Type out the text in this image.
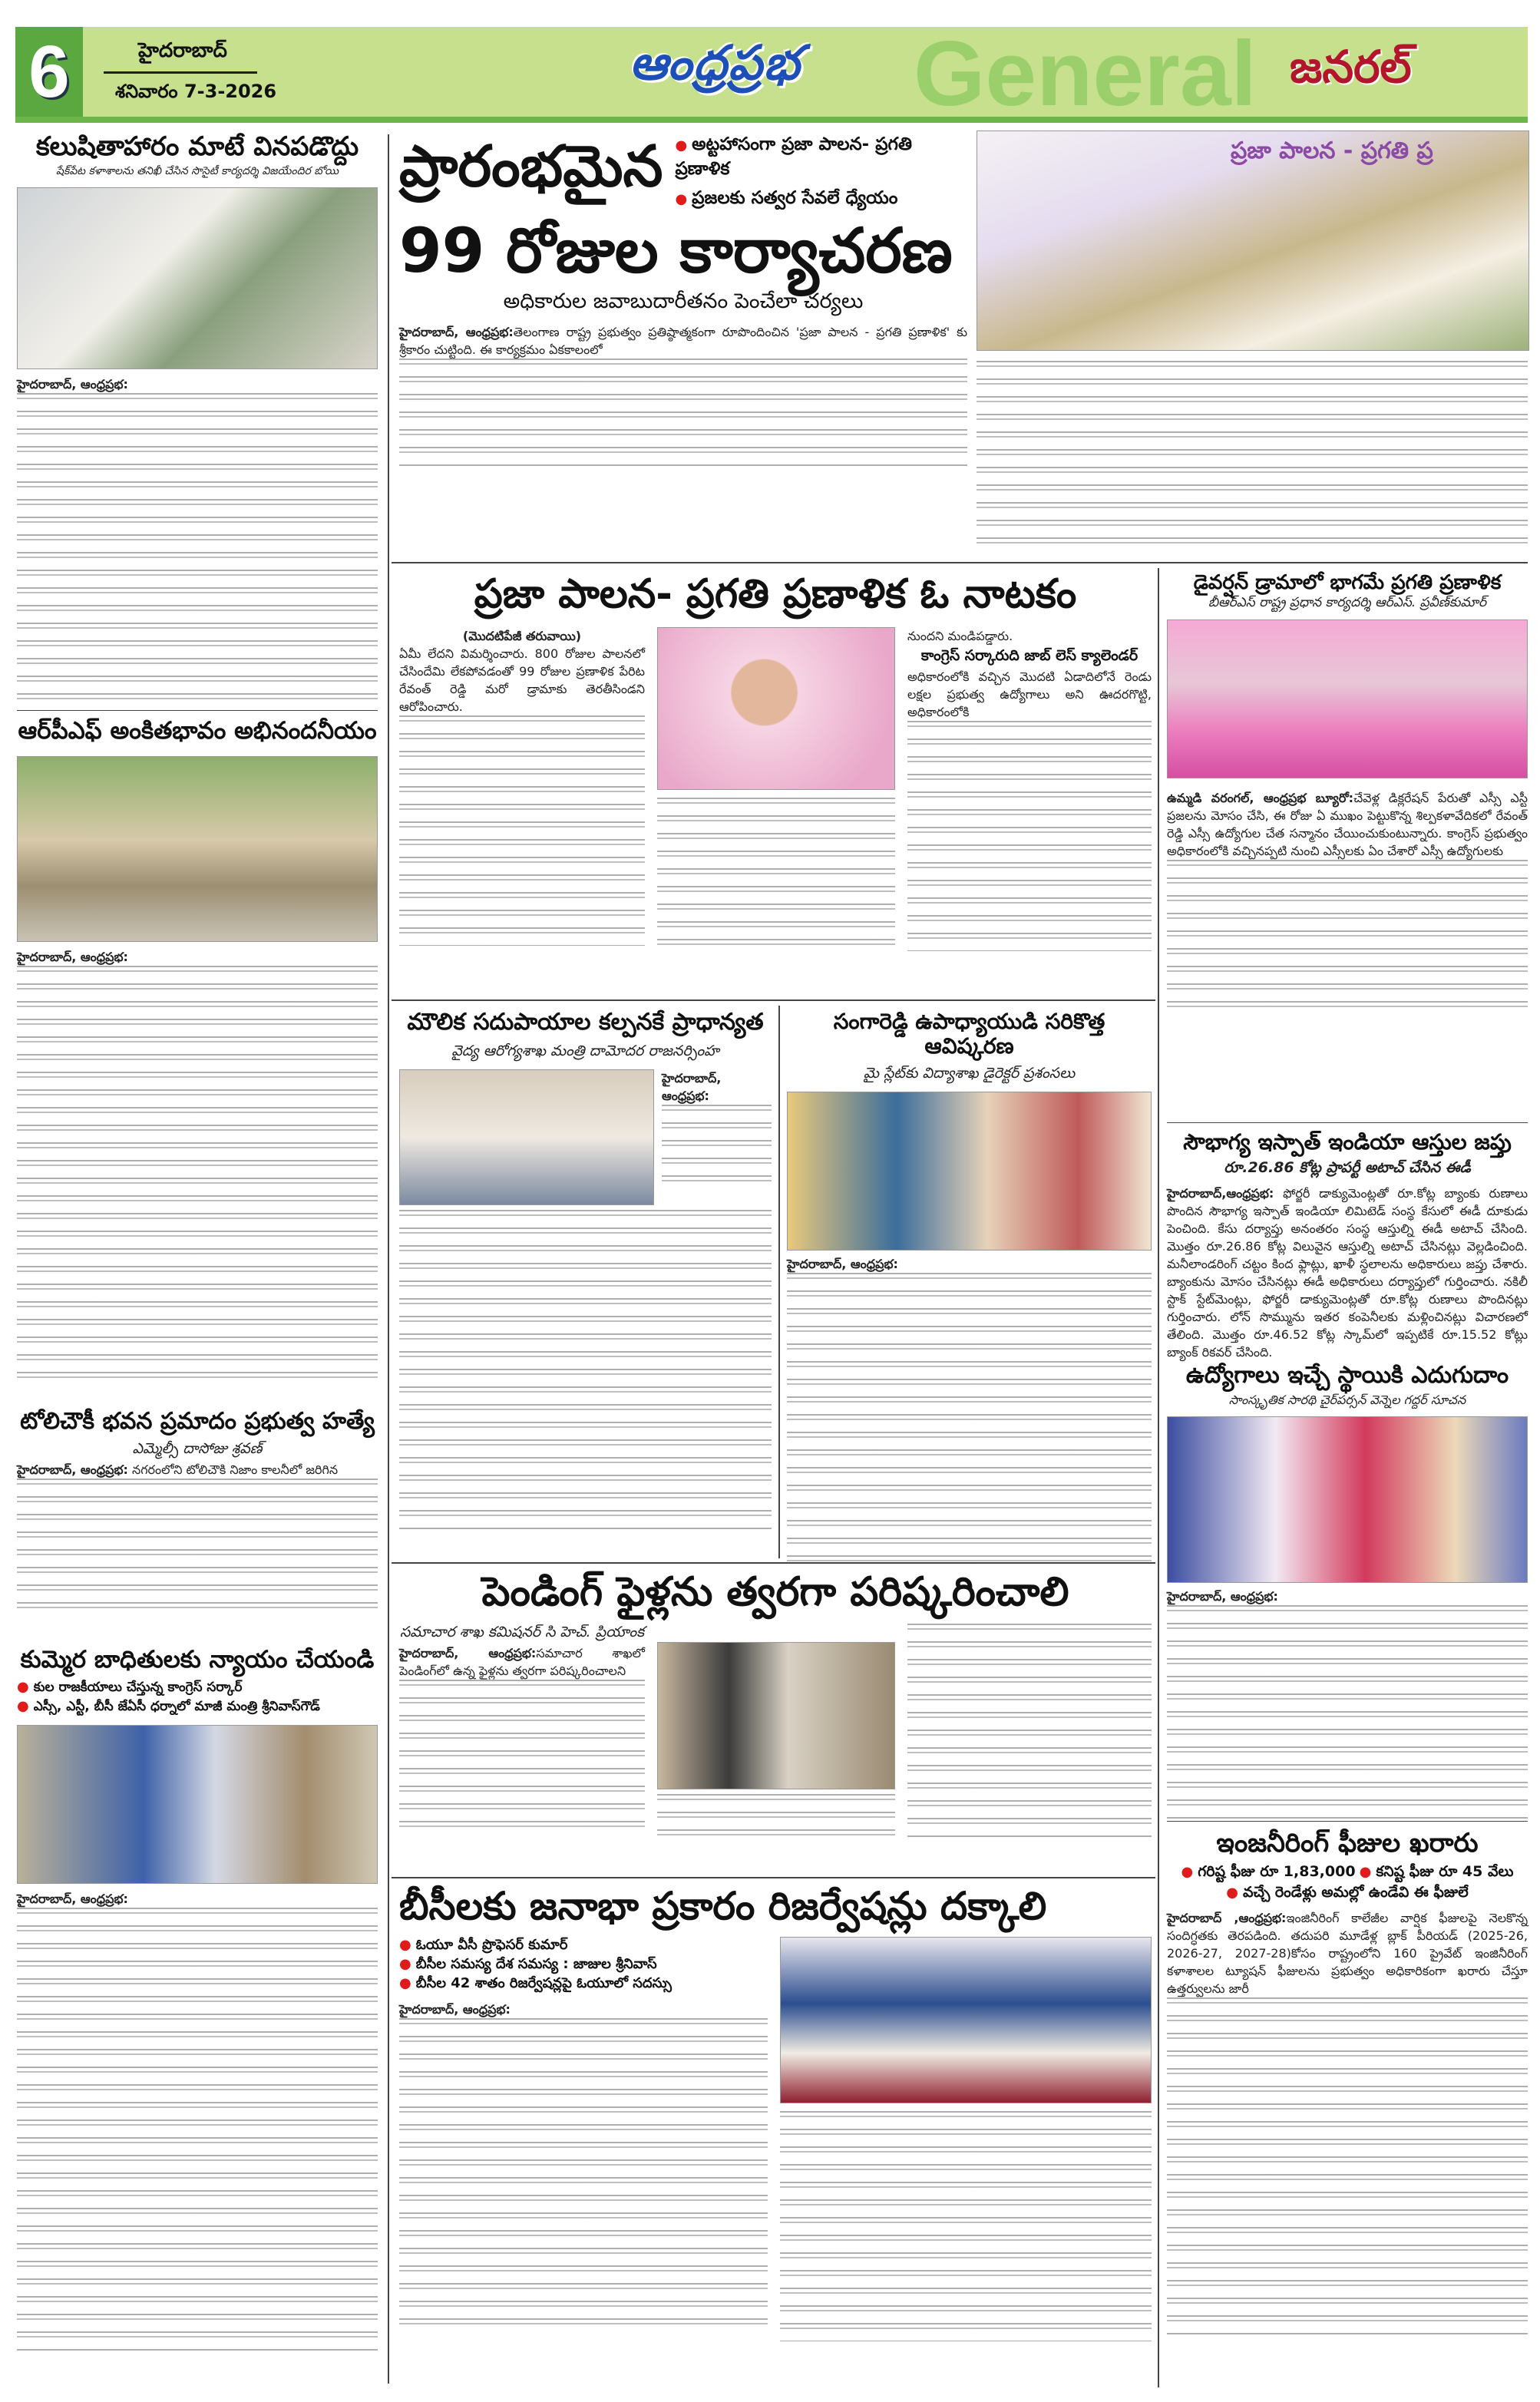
6	హైదరాబాద్
శనివారం 7-3-2026
ఆంధ్రప్రభ General జనరల్
కలుషితాహారం మాటే వినపడొద్దు
షేక్‌పేట కళాశాలను తనిఖీ చేసిన సొసైటీ కార్యదర్శి విజయేందిర బోయి
హైదరాబాద్, ఆంధ్రప్రభ:
ఆర్‌పీఎఫ్ అంకితభావం అభినందనీయం
హైదరాబాద్, ఆంధ్రప్రభ:
టోలిచౌకీ భవన ప్రమాదం ప్రభుత్వ హత్యే
ఎమ్మెల్సీ దాసోజు శ్రవణ్
హైదరాబాద్, ఆంధ్రప్రభ: నగరంలోని టోలిచౌకి నిజాం కాలనీలో జరిగిన
కుమ్మెర బాధితులకు న్యాయం చేయండి
● కుల రాజకీయాలు చేస్తున్న కాంగ్రెస్ సర్కార్
● ఎస్సీ, ఎస్టీ, బీసీ జేఏసీ ధర్నాలో మాజీ మంత్రి శ్రీనివాస్‌గౌడ్
హైదరాబాద్, ఆంధ్రప్రభ:
ప్రారంభమైన	● అట్టహాసంగా ప్రజా పాలన- ప్రగతి ప్రణాళిక
● ప్రజలకు సత్వర సేవలే ధ్యేయం
99 రోజుల కార్యాచరణ
అధికారుల జవాబుదారీతనం పెంచేలా చర్యలు
హైదరాబాద్, ఆంధ్రప్రభ:తెలంగాణ రాష్ట్ర ప్రభుత్వం ప్రతిష్ఠాత్మకంగా రూపొందించిన 'ప్రజా పాలన - ప్రగతి ప్రణాళిక' కు శ్రీకారం చుట్టింది. ఈ కార్యక్రమం ఏకకాలంలో
ప్రజా పాలన - ప్రగతి ప్ర
ప్రజా పాలన- ప్రగతి ప్రణాళిక ఓ నాటకం
(మొదటిపేజీ తరువాయి)
ఏమీ లేదని విమర్శించారు. 800 రోజుల పాలనలో చేసిందేమి లేకపోవడంతో 99 రోజుల ప్రణాళిక పేరిట రేవంత్ రెడ్డి మరో డ్రామాకు తెరతీసిండని ఆరోపించారు.
నుందని మండిపడ్డారు.
కాంగ్రెస్ సర్కారుది జాబ్ లెస్ క్యాలెండర్
అధికారంలోకి వచ్చిన మొదటి ఏడాదిలోనే రెండు లక్షల ప్రభుత్వ ఉద్యోగాలు అని ఊదరగొట్టి, అధికారంలోకి
మౌలిక సదుపాయాల కల్పనకే ప్రాధాన్యత
వైద్య ఆరోగ్యశాఖ మంత్రి దామోదర రాజనర్సింహ
హైదరాబాద్, ఆంధ్రప్రభ:
సంగారెడ్డి ఉపాధ్యాయుడి సరికొత్త ఆవిష్కరణ
మై స్లేట్‌కు విద్యాశాఖ డైరెక్టర్ ప్రశంసలు
హైదరాబాద్, ఆంధ్రప్రభ:
పెండింగ్ ఫైళ్లను త్వరగా పరిష్కరించాలి
సమాచార శాఖ కమిషనర్ సి హెచ్. ప్రియాంక
హైదరాబాద్, ఆంధ్రప్రభ:సమాచార శాఖలో పెండింగ్‌లో ఉన్న ఫైళ్లను త్వరగా పరిష్కరించాలని
బీసీలకు జనాభా ప్రకారం రిజర్వేషన్లు దక్కాలి
● ఓయూ వీసీ ప్రొఫెసర్ కుమార్
● బీసీల సమస్య దేశ సమస్య : జాజుల శ్రీనివాస్
● బీసీల 42 శాతం రిజర్వేషన్లపై ఓయూలో సదస్సు
హైదరాబాద్, ఆంధ్రప్రభ:
డైవర్షన్ డ్రామాలో భాగమే ప్రగతి ప్రణాళిక
బీఆర్ఎస్ రాష్ట్ర ప్రధాన కార్యదర్శి ఆర్ఎస్. ప్రవీణ్‌కుమార్
ఉమ్మడి వరంగల్, ఆంధ్రప్రభ బ్యూరో:చేవెళ్ల డిక్లరేషన్ పేరుతో ఎస్సీ ఎస్టీ ప్రజలను మోసం చేసి, ఈ రోజు ఏ ముఖం పెట్టుకొన్న శిల్పకళావేదికలో రేవంత్ రెడ్డి ఎస్సీ ఉద్యోగుల చేత సన్మానం చేయించుకుంటున్నారు. కాంగ్రెస్ ప్రభుత్వం అధికారంలోకి వచ్చినప్పటి నుంచి ఎస్సీలకు ఏం చేశారో ఎస్సీ ఉద్యోగులకు
సౌభాగ్య ఇస్పాత్ ఇండియా ఆస్తుల జప్తు
రూ.26.86 కోట్ల ప్రాపర్టీ అటాచ్ చేసిన ఈడీ
హైదరాబాద్,ఆంధ్రప్రభ: ఫోర్జరీ డాక్యుమెంట్లతో రూ.కోట్ల బ్యాంకు రుణాలు పొందిన సౌభాగ్య ఇస్పాత్ ఇండియా లిమిటెడ్ సంస్థ కేసులో ఈడీ దూకుడు పెంచింది. కేసు దర్యాప్తు అనంతరం సంస్థ ఆస్తుల్ని ఈడీ అటాచ్ చేసింది. మొత్తం రూ.26.86 కోట్ల విలువైన ఆస్తుల్ని అటాచ్ చేసినట్లు వెల్లడించింది. మనీలాండరింగ్ చట్టం కింద ఫ్లాట్లు, ఖాళీ స్థలాలను అధికారులు జప్తు చేశారు. బ్యాంకును మోసం చేసినట్లు ఈడీ అధికారులు దర్యాప్తులో గుర్తించారు. నకిలీ స్టాక్ స్టేట్‌మెంట్లు, ఫోర్జరీ డాక్యుమెంట్లతో రూ.కోట్ల రుణాలు పొందినట్లు గుర్తించారు. లోన్ సొమ్మును ఇతర కంపెనీలకు మళ్లించినట్లు విచారణలో తేలింది. మొత్తం రూ.46.52 కోట్ల స్కామ్‌లో ఇప్పటికే రూ.15.52 కోట్లు బ్యాంక్ రికవర్ చేసింది.
ఉద్యోగాలు ఇచ్చే స్థాయికి ఎదుగుదాం
సాంస్కృతిక సారథి చైర్‌పర్సన్ వెన్నెల గద్దర్ సూచన
హైదరాబాద్, ఆంధ్రప్రభ:
ఇంజనీరింగ్ ఫీజుల ఖరారు
● గరిష్ట ఫీజు రూ 1,83,000 ● కనిష్ట ఫీజు రూ 45 వేలు
● వచ్చే రెండేళ్లు అమల్లో ఉండేవి ఈ ఫీజులే
హైదరాబాద్ ,ఆంధ్రప్రభ:ఇంజినీరింగ్ కాలేజీల వార్షిక ఫీజులపై నెలకొన్న సందిగ్ధతకు తెరపడింది. తదుపరి మూడేళ్ల బ్లాక్ పీరియడ్ (2025-26, 2026-27, 2027-28)కోసం రాష్ట్రంలోని 160 ప్రైవేట్ ఇంజినీరింగ్ కళాశాలల ట్యూషన్ ఫీజులను ప్రభుత్వం అధికారికంగా ఖరారు చేస్తూ ఉత్తర్వులను జారీ
